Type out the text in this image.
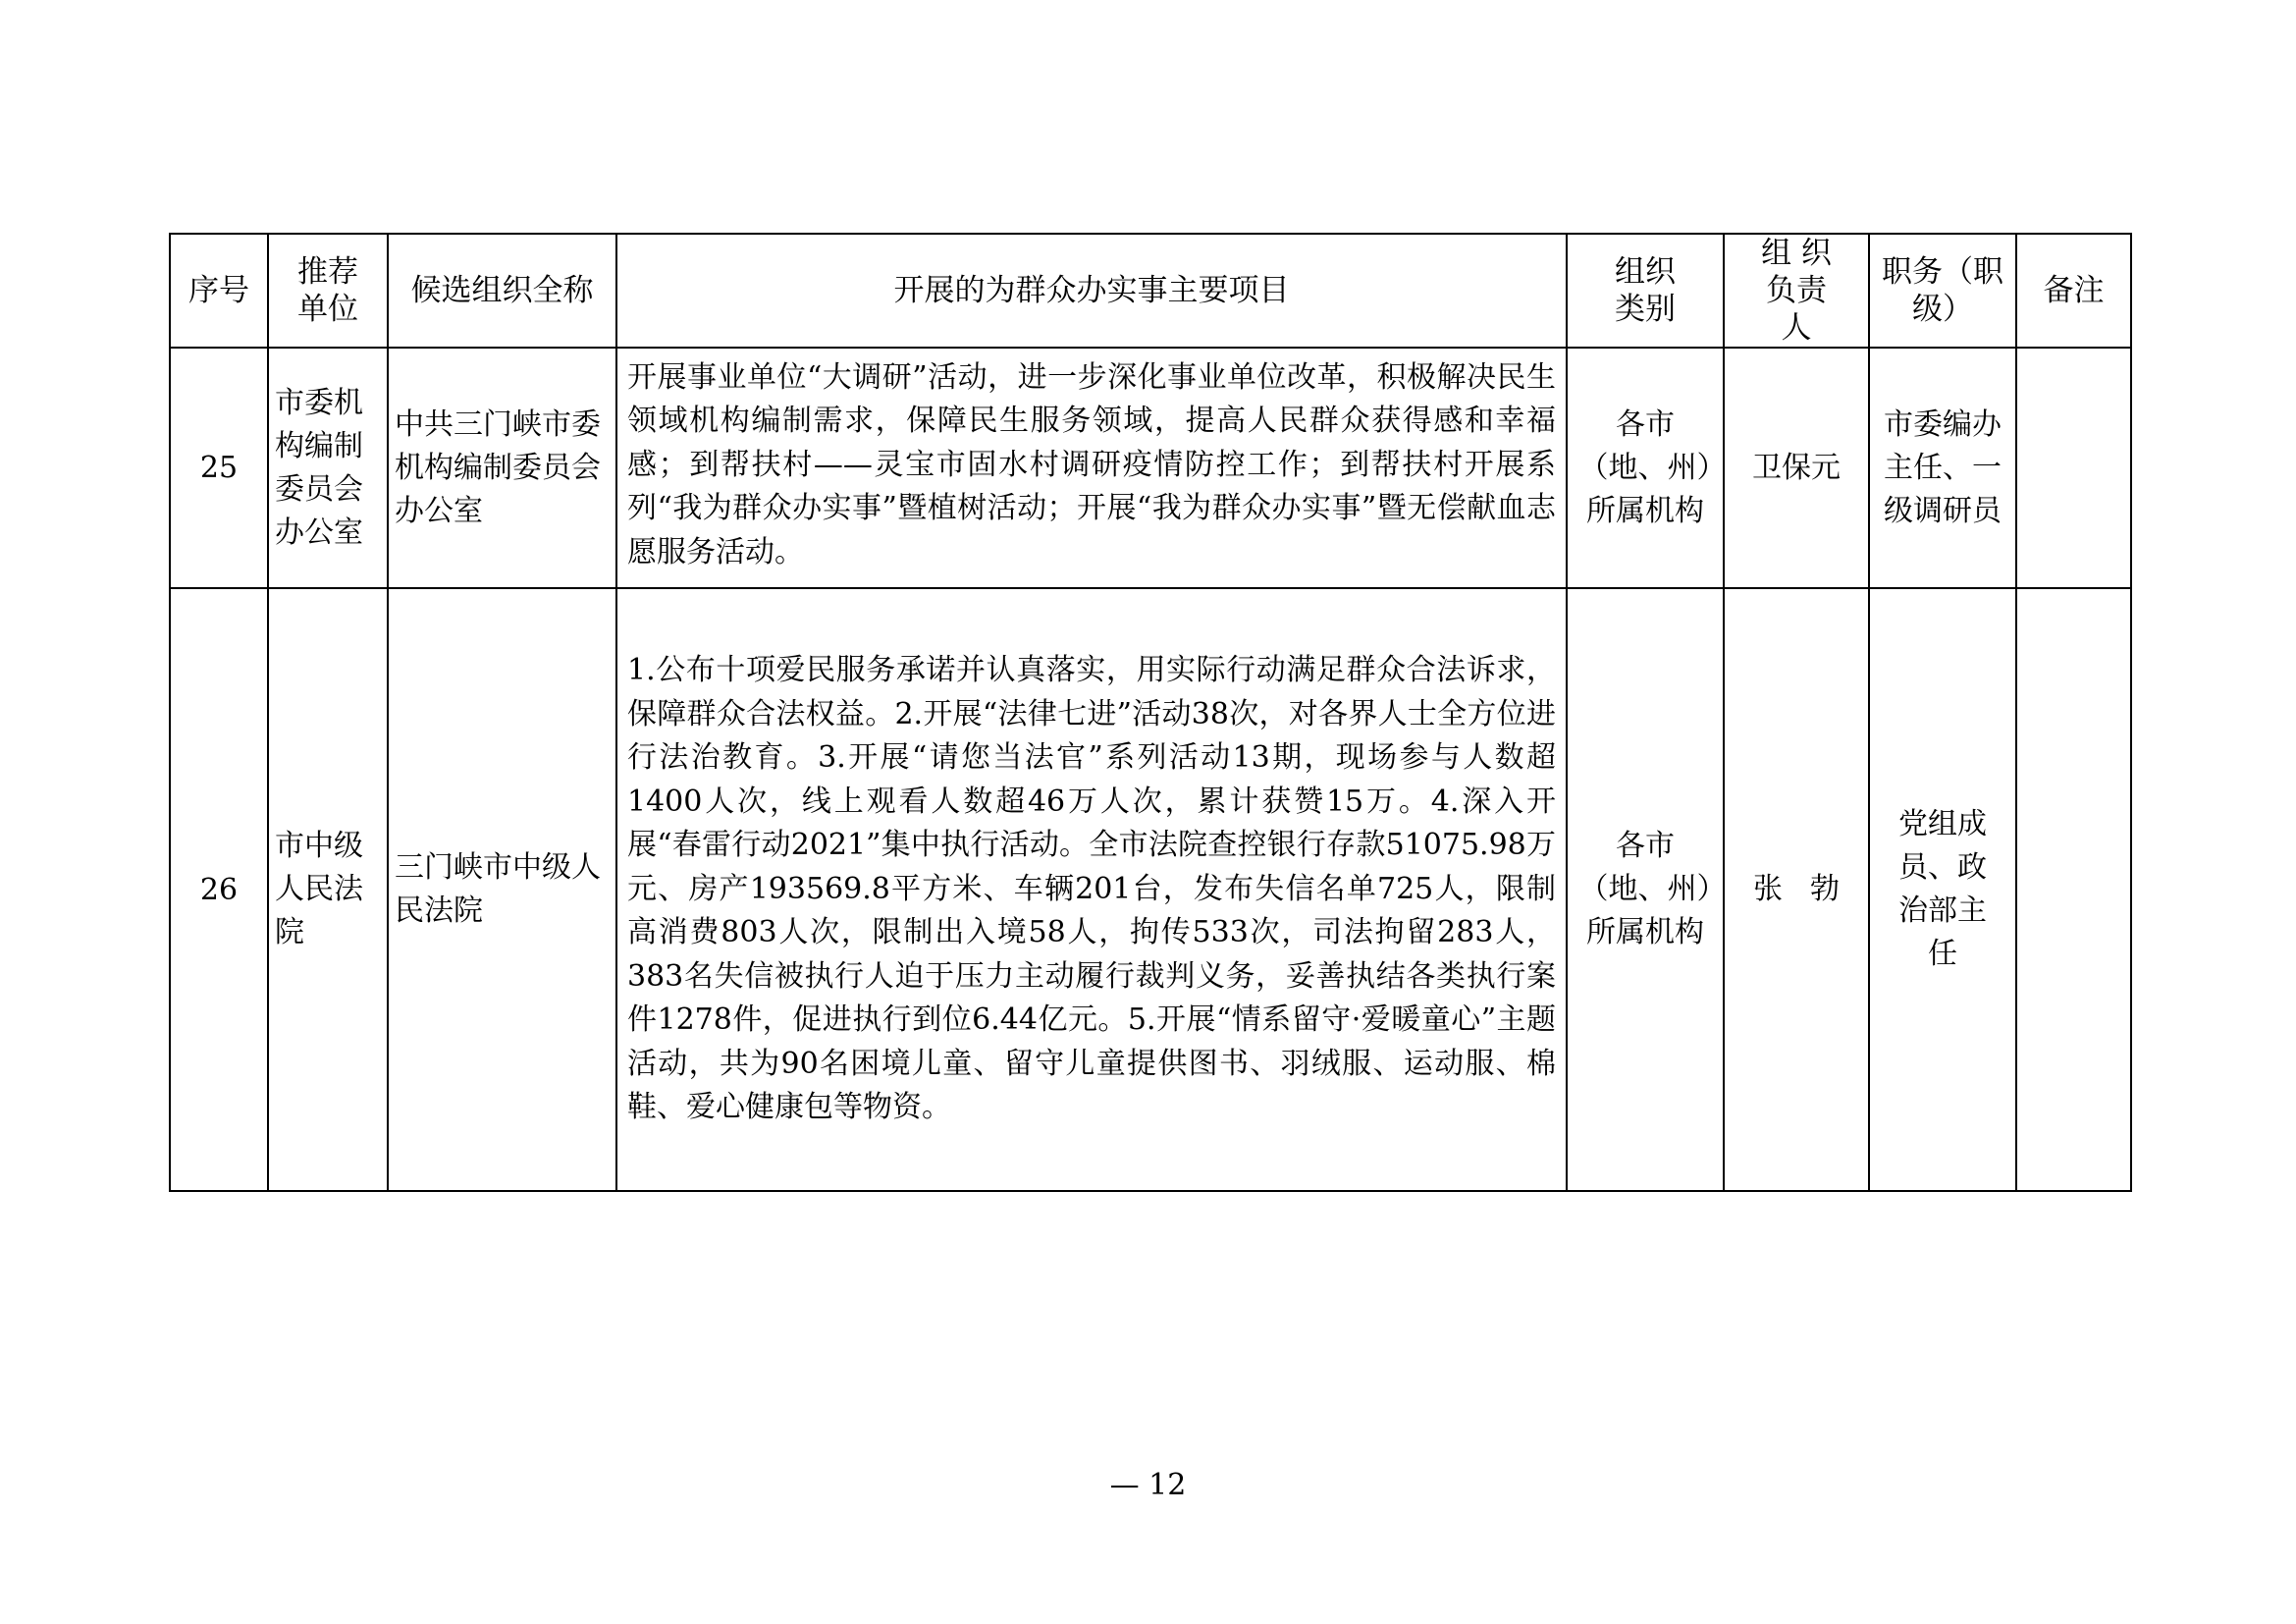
序号	推荐单位	候选组织全称	开展的为群众办实事主要项目	组织类别	组 织负责人	职务（职级）	备注
25	市委机构编制委员会办公室	中共三门峡市委机构编制委员会办公室	开展事业单位“大调研”活动，进一步深化事业单位改革，积极解决民生领域机构编制需求，保障民生服务领域，提高人民群众获得感和幸福感；到帮扶村——灵宝市固水村调研疫情防控工作；到帮扶村开展系列“我为群众办实事”暨植树活动；开展“我为群众办实事”暨无偿献血志愿服务活动。	各市（地、州）所属机构	卫保元	市委编办主任、一级调研员	
26	市中级人民法院	三门峡市中级人民法院	1.公布十项爱民服务承诺并认真落实，用实际行动满足群众合法诉求，保障群众合法权益。2.开展“法律七进”活动38次，对各界人士全方位进行法治教育。3.开展“请您当法官”系列活动13期，现场参与人数超1400人次，线上观看人数超46万人次，累计获赞15万。4.深入开展“春雷行动2021”集中执行活动。全市法院查控银行存款51075.98万元、房产193569.8平方米、车辆201台，发布失信名单725人，限制高消费803人次，限制出入境58人，拘传533次，司法拘留283人，383名失信被执行人迫于压力主动履行裁判义务，妥善执结各类执行案件1278件，促进执行到位6.44亿元。5.开展“情系留守·爱暖童心”主题活动，共为90名困境儿童、留守儿童提供图书、羽绒服、运动服、棉鞋、爱心健康包等物资。	各市（地、州）所属机构	张勃	党组成员、政治部主任	
— 12
